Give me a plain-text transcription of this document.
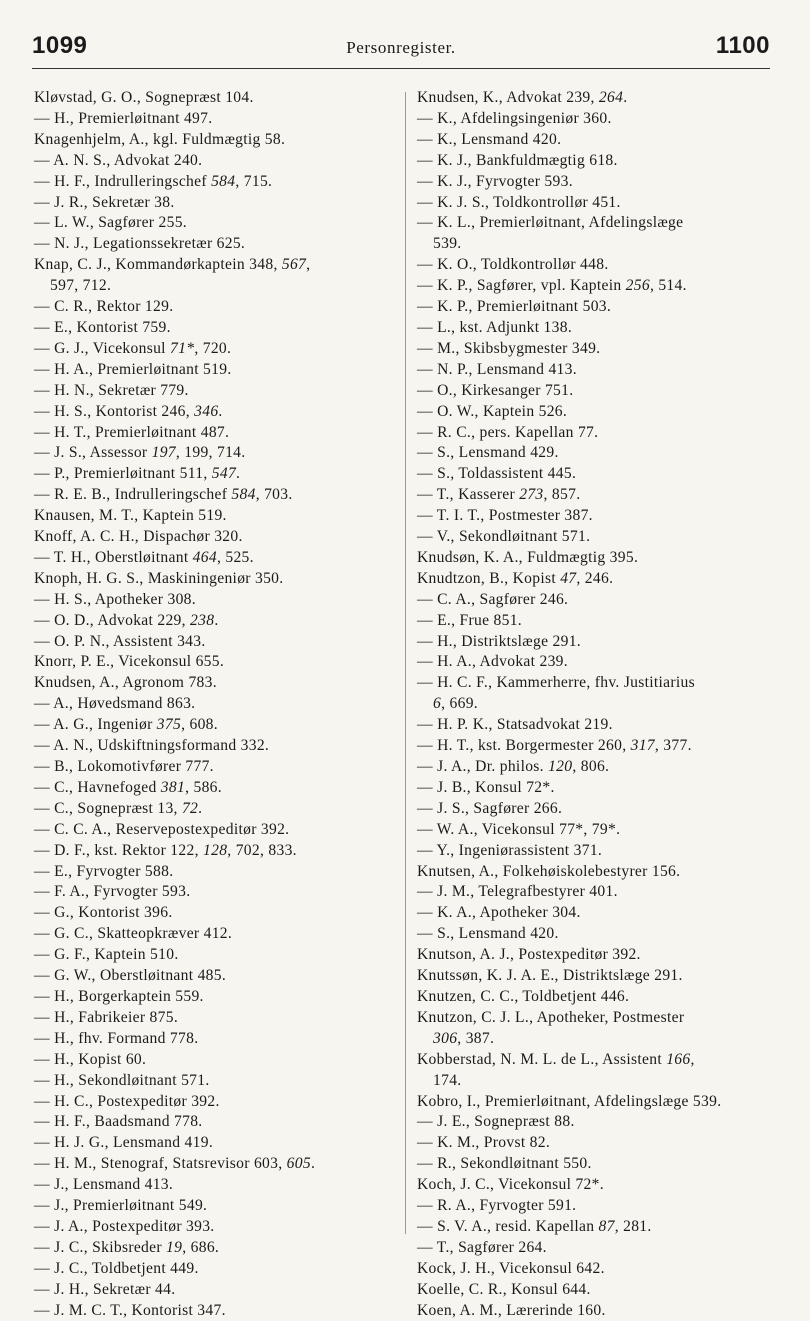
1099	Personregister.	1100
Kløvstad, G. O., Sognepræst 104.
— H., Premierløitnant 497.
Knagenhjelm, A., kgl. Fuldmægtig 58.
— A. N. S., Advokat 240.
— H. F., Indrulleringschef 584, 715.
— J. R., Sekretær 38.
— L. W., Sagfører 255.
— N. J., Legationssekretær 625.
Knap, C. J., Kommandørkaptein 348, 567,
597, 712.
— C. R., Rektor 129.
— E., Kontorist 759.
— G. J., Vicekonsul 71*, 720.
— H. A., Premierløitnant 519.
— H. N., Sekretær 779.
— H. S., Kontorist 246, 346.
— H. T., Premierløitnant 487.
— J. S., Assessor 197, 199, 714.
— P., Premierløitnant 511, 547.
— R. E. B., Indrulleringschef 584, 703.
Knausen, M. T., Kaptein 519.
Knoff, A. C. H., Dispachør 320.
— T. H., Oberstløitnant 464, 525.
Knoph, H. G. S., Maskiningeniør 350.
— H. S., Apotheker 308.
— O. D., Advokat 229, 238.
— O. P. N., Assistent 343.
Knorr, P. E., Vicekonsul 655.
Knudsen, A., Agronom 783.
— A., Høvedsmand 863.
— A. G., Ingeniør 375, 608.
— A. N., Udskiftningsformand 332.
— B., Lokomotivfører 777.
— C., Havnefoged 381, 586.
— C., Sognepræst 13, 72.
— C. C. A., Reservepostexpeditør 392.
— D. F., kst. Rektor 122, 128, 702, 833.
— E., Fyrvogter 588.
— F. A., Fyrvogter 593.
— G., Kontorist 396.
— G. C., Skatteopkræver 412.
— G. F., Kaptein 510.
— G. W., Oberstløitnant 485.
— H., Borgerkaptein 559.
— H., Fabrikeier 875.
— H., fhv. Formand 778.
— H., Kopist 60.
— H., Sekondløitnant 571.
— H. C., Postexpeditør 392.
— H. F., Baadsmand 778.
— H. J. G., Lensmand 419.
— H. M., Stenograf, Statsrevisor 603, 605.
— J., Lensmand 413.
— J., Premierløitnant 549.
— J. A., Postexpeditør 393.
— J. C., Skibsreder 19, 686.
— J. C., Toldbetjent 449.
— J. H., Sekretær 44.
— J. M. C. T., Kontorist 347.
Knudsen, K., Advokat 239, 264.
— K., Afdelingsingeniør 360.
— K., Lensmand 420.
— K. J., Bankfuldmægtig 618.
— K. J., Fyrvogter 593.
— K. J. S., Toldkontrollør 451.
— K. L., Premierløitnant, Afdelingslæge
539.
— K. O., Toldkontrollør 448.
— K. P., Sagfører, vpl. Kaptein 256, 514.
— K. P., Premierløitnant 503.
— L., kst. Adjunkt 138.
— M., Skibsbygmester 349.
— N. P., Lensmand 413.
— O., Kirkesanger 751.
— O. W., Kaptein 526.
— R. C., pers. Kapellan 77.
— S., Lensmand 429.
— S., Toldassistent 445.
— T., Kasserer 273, 857.
— T. I. T., Postmester 387.
— V., Sekondløitnant 571.
Knudsøn, K. A., Fuldmægtig 395.
Knudtzon, B., Kopist 47, 246.
— C. A., Sagfører 246.
— E., Frue 851.
— H., Distriktslæge 291.
— H. A., Advokat 239.
— H. C. F., Kammerherre, fhv. Justitiarius
6, 669.
— H. P. K., Statsadvokat 219.
— H. T., kst. Borgermester 260, 317, 377.
— J. A., Dr. philos. 120, 806.
— J. B., Konsul 72*.
— J. S., Sagfører 266.
— W. A., Vicekonsul 77*, 79*.
— Y., Ingeniørassistent 371.
Knutsen, A., Folkehøiskolebestyrer 156.
— J. M., Telegrafbestyrer 401.
— K. A., Apotheker 304.
— S., Lensmand 420.
Knutson, A. J., Postexpeditør 392.
Knutssøn, K. J. A. E., Distriktslæge 291.
Knutzen, C. C., Toldbetjent 446.
Knutzon, C. J. L., Apotheker, Postmester
306, 387.
Kobberstad, N. M. L. de L., Assistent 166,
174.
Kobro, I., Premierløitnant, Afdelingslæge 539.
— J. E., Sognepræst 88.
— K. M., Provst 82.
— R., Sekondløitnant 550.
Koch, J. C., Vicekonsul 72*.
— R. A., Fyrvogter 591.
— S. V. A., resid. Kapellan 87, 281.
— T., Sagfører 264.
Kock, J. H., Vicekonsul 642.
Koelle, C. R., Konsul 644.
Koen, A. M., Lærerinde 160.
